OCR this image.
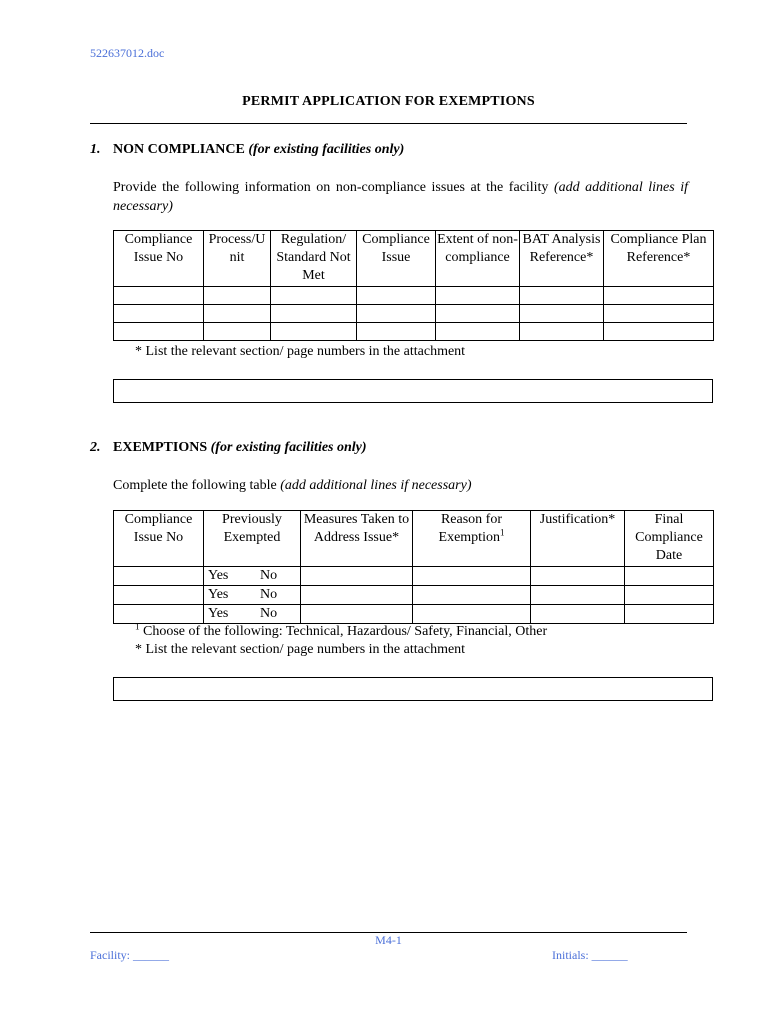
522637012.doc
PERMIT APPLICATION FOR EXEMPTIONS
1. NON COMPLIANCE (for existing facilities only)
Provide the following information on non-compliance issues at the facility (add additional lines if necessary)
Compliance Issue No	Process/U nit	Regulation/ Standard Not Met	Compliance Issue	Extent of non-compliance	BAT Analysis Reference*	Compliance Plan Reference*

* List the relevant section/ page numbers in the attachment
2. EXEMPTIONS (for existing facilities only)
Complete the following table (add additional lines if necessary)
Compliance Issue No	Previously Exempted	Measures Taken to Address Issue*	Reason for Exemption$^1$	Justification*	Final Compliance Date
	Yes No				
	Yes No				
	Yes No				
$^1$ Choose of the following: Technical, Hazardous/ Safety, Financial, Other
* List the relevant section/ page numbers in the attachment
M4-1
Facility: ______	Initials: ______
